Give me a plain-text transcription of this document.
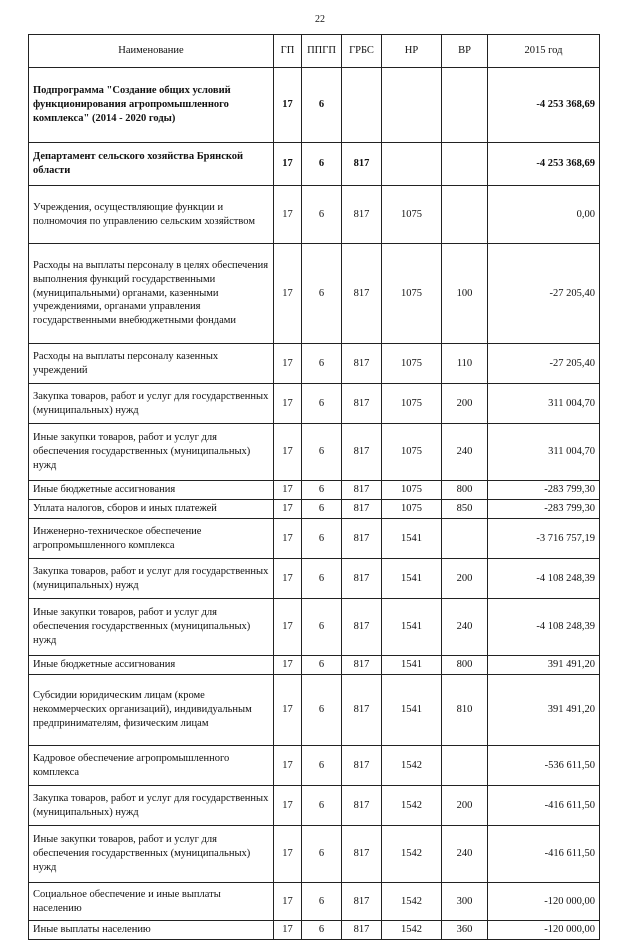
22
Наименование	ГП	ППГП	ГРБС	НР	ВР	2015 год
Подпрограмма "Создание общих условий функционирования агропромышленного комплекса" (2014 - 2020 годы)	17	6				-4 253 368,69
Департамент сельского хозяйства Брянской области	17	6	817			-4 253 368,69
Учреждения, осуществляющие функции и полномочия по управлению сельским хозяйством	17	6	817	1075		0,00
Расходы на выплаты персоналу в целях обеспечения выполнения функций государственными (муниципальными) органами, казенными учреждениями, органами управления государственными внебюджетными фондами	17	6	817	1075	100	-27 205,40
Расходы на выплаты персоналу казенных учреждений	17	6	817	1075	110	-27 205,40
Закупка товаров, работ и услуг для государственных (муниципальных) нужд	17	6	817	1075	200	311 004,70
Иные закупки товаров, работ и услуг для обеспечения государственных (муниципальных) нужд	17	6	817	1075	240	311 004,70
Иные бюджетные ассигнования	17	6	817	1075	800	-283 799,30
Уплата налогов, сборов и иных платежей	17	6	817	1075	850	-283 799,30
Инженерно-техническое обеспечение агропромышленного комплекса	17	6	817	1541		-3 716 757,19
Закупка товаров, работ и услуг для государственных (муниципальных) нужд	17	6	817	1541	200	-4 108 248,39
Иные закупки товаров, работ и услуг для обеспечения государственных (муниципальных) нужд	17	6	817	1541	240	-4 108 248,39
Иные бюджетные ассигнования	17	6	817	1541	800	391 491,20
Субсидии юридическим лицам (кроме некоммерческих организаций), индивидуальным предпринимателям, физическим лицам	17	6	817	1541	810	391 491,20
Кадровое обеспечение агропромышленного комплекса	17	6	817	1542		-536 611,50
Закупка товаров, работ и услуг для государственных (муниципальных) нужд	17	6	817	1542	200	-416 611,50
Иные закупки товаров, работ и услуг для обеспечения государственных (муниципальных) нужд	17	6	817	1542	240	-416 611,50
Социальное обеспечение и иные выплаты населению	17	6	817	1542	300	-120 000,00
Иные выплаты населению	17	6	817	1542	360	-120 000,00
